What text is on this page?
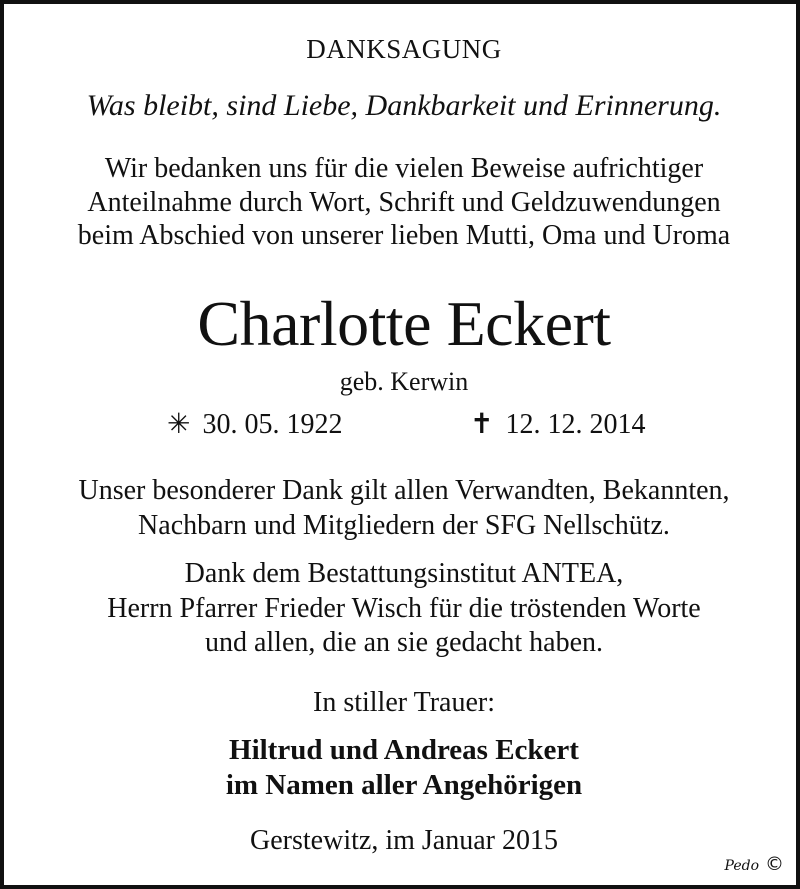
DANKSAGUNG
Was bleibt, sind Liebe, Dankbarkeit und Erinnerung.
Wir bedanken uns für die vielen Beweise aufrichtiger
Anteilnahme durch Wort, Schrift und Geldzuwendungen
beim Abschied von unserer lieben Mutti, Oma und Uroma
Charlotte Eckert
geb. Kerwin
✳ 30. 05. 1922	✝ 12. 12. 2014
Unser besonderer Dank gilt allen Verwandten, Bekannten,
Nachbarn und Mitgliedern der SFG Nellschütz.
Dank dem Bestattungsinstitut ANTEA,
Herrn Pfarrer Frieder Wisch für die tröstenden Worte
und allen, die an sie gedacht haben.
In stiller Trauer:
Hiltrud und Andreas Eckert
im Namen aller Angehörigen
Gerstewitz, im Januar 2015
Pedo ©
